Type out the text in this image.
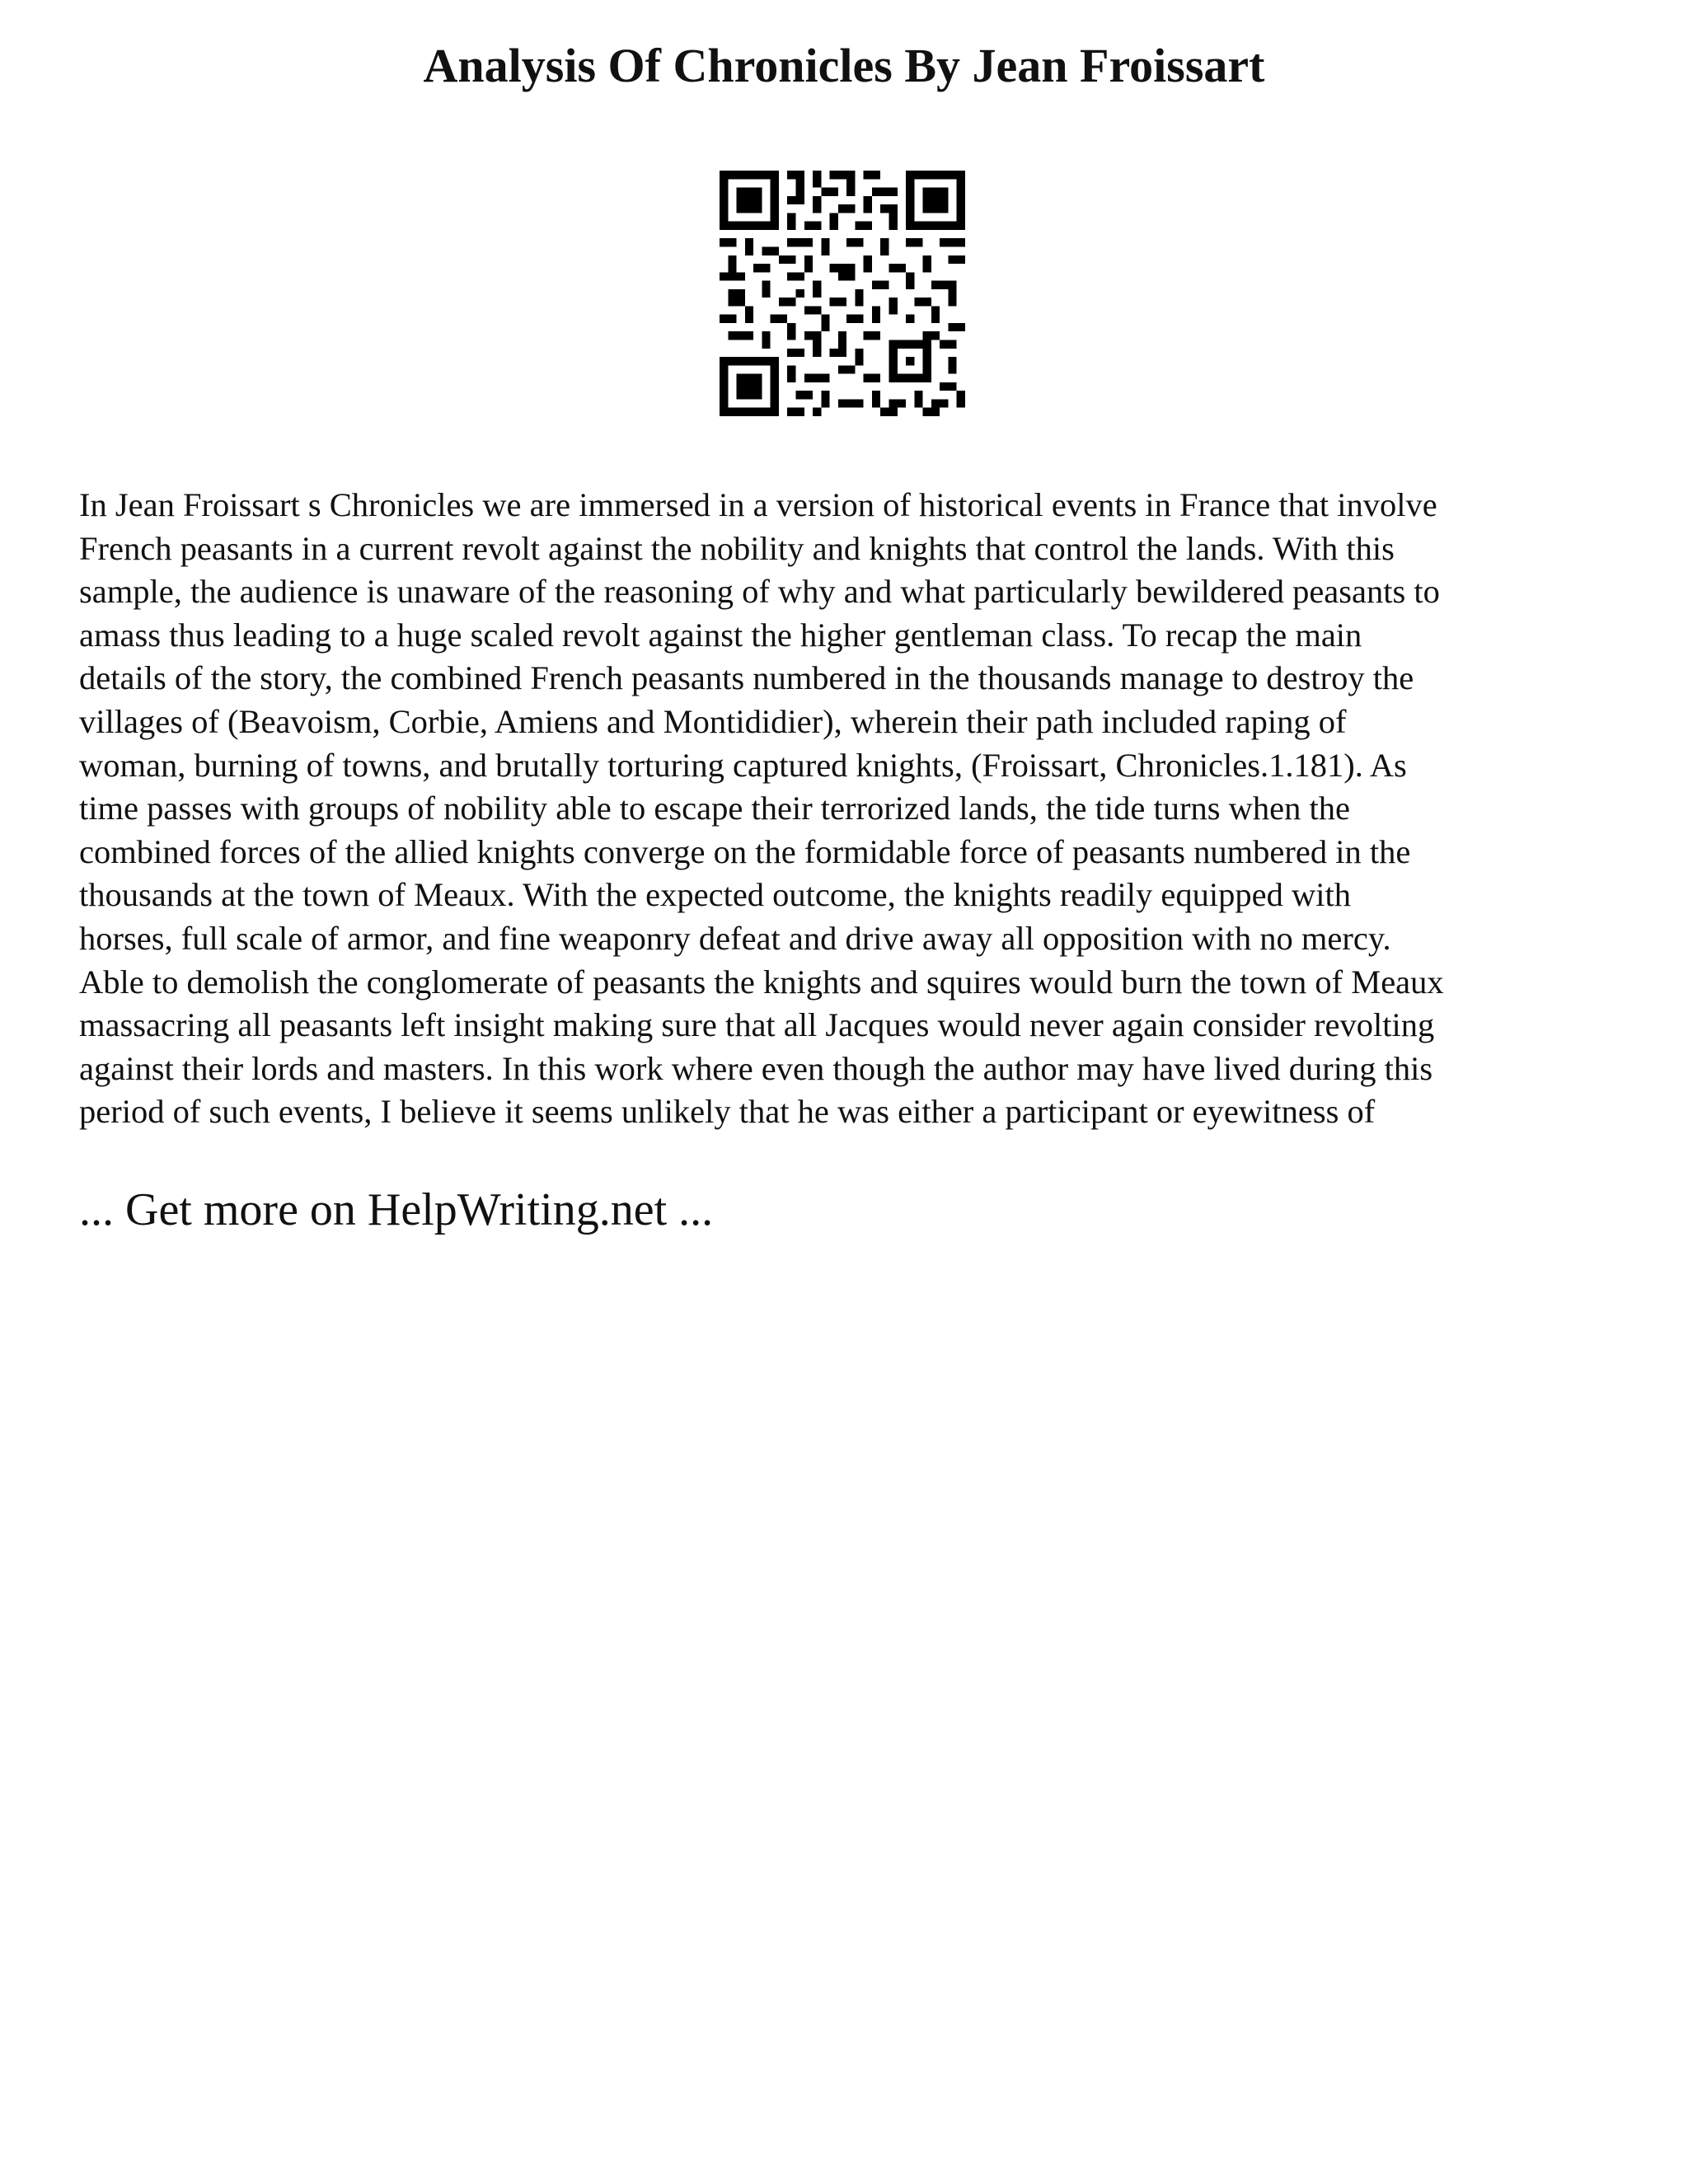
Analysis Of Chronicles By Jean Froissart

In Jean Froissart s Chronicles we are immersed in a version of historical events in France that involve
French peasants in a current revolt against the nobility and knights that control the lands. With this
sample, the audience is unaware of the reasoning of why and what particularly bewildered peasants to
amass thus leading to a huge scaled revolt against the higher gentleman class. To recap the main
details of the story, the combined French peasants numbered in the thousands manage to destroy the
villages of (Beavoism, Corbie, Amiens and Montididier), wherein their path included raping of
woman, burning of towns, and brutally torturing captured knights, (Froissart, Chronicles.1.181). As
time passes with groups of nobility able to escape their terrorized lands, the tide turns when the
combined forces of the allied knights converge on the formidable force of peasants numbered in the
thousands at the town of Meaux. With the expected outcome, the knights readily equipped with
horses, full scale of armor, and fine weaponry defeat and drive away all opposition with no mercy.
Able to demolish the conglomerate of peasants the knights and squires would burn the town of Meaux
massacring all peasants left insight making sure that all Jacques would never again consider revolting
against their lords and masters. In this work where even though the author may have lived during this
period of such events, I believe it seems unlikely that he was either a participant or eyewitness of

... Get more on HelpWriting.net ...
